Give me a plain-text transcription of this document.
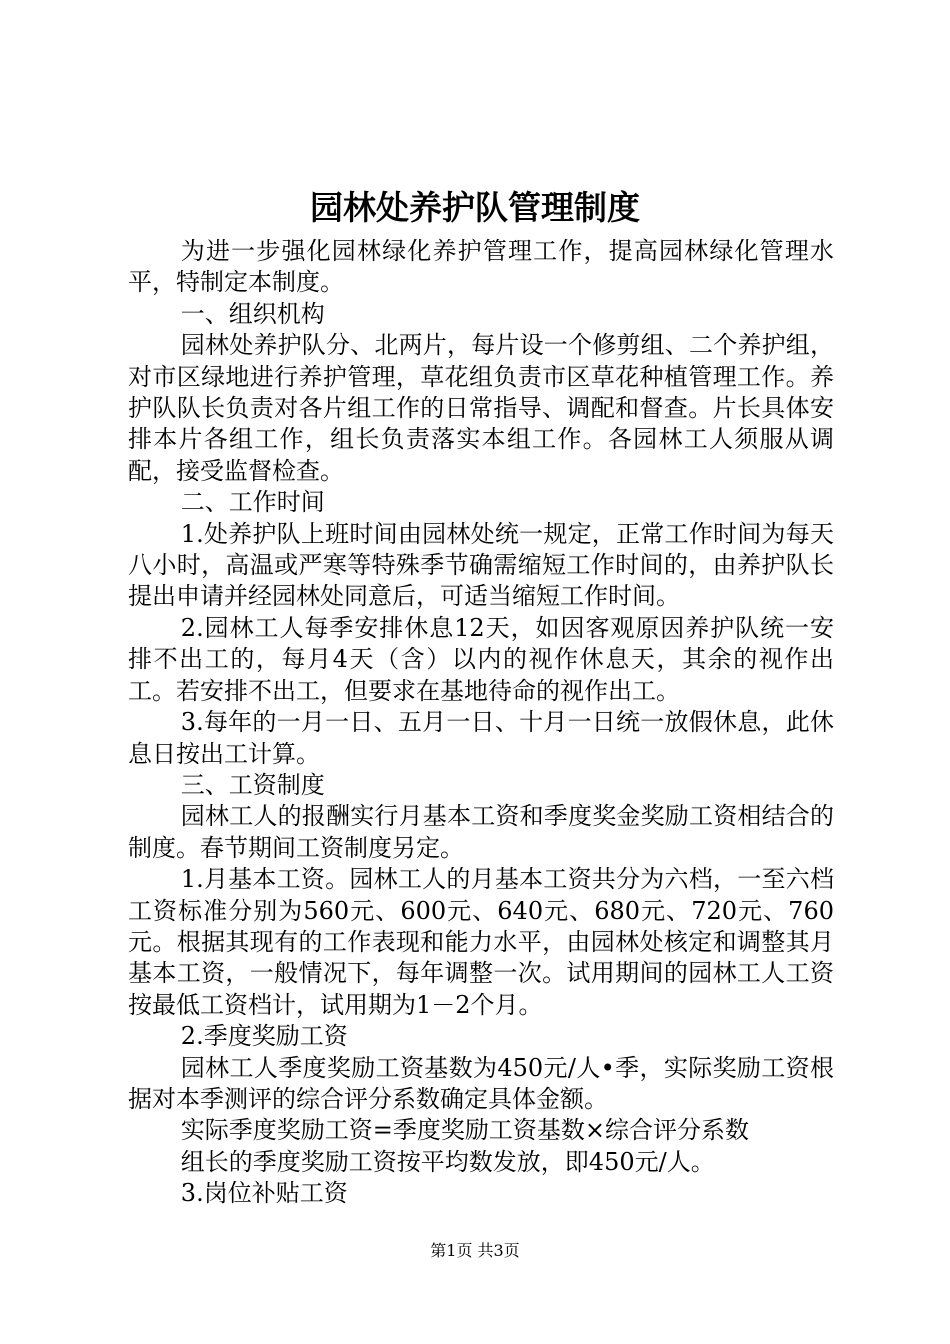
园林处养护队管理制度

为进一步强化园林绿化养护管理工作，提高园林绿化管理水平，特制定本制度。

一、组织机构

园林处养护队分、北两片，每片设一个修剪组、二个养护组，对市区绿地进行养护管理，草花组负责市区草花种植管理工作。养护队队长负责对各片组工作的日常指导、调配和督查。片长具体安排本片各组工作，组长负责落实本组工作。各园林工人须服从调配，接受监督检查。

二、工作时间

1.处养护队上班时间由园林处统一规定，正常工作时间为每天八小时，高温或严寒等特殊季节确需缩短工作时间的，由养护队长提出申请并经园林处同意后，可适当缩短工作时间。

2.园林工人每季安排休息12天，如因客观原因养护队统一安排不出工的，每月4天（含）以内的视作休息天，其余的视作出工。若安排不出工，但要求在基地待命的视作出工。

3.每年的一月一日、五月一日、十月一日统一放假休息，此休息日按出工计算。

三、工资制度

园林工人的报酬实行月基本工资和季度奖金奖励工资相结合的制度。春节期间工资制度另定。

1.月基本工资。园林工人的月基本工资共分为六档，一至六档工资标准分别为560元、600元、640元、680元、720元、760元。根据其现有的工作表现和能力水平，由园林处核定和调整其月基本工资，一般情况下，每年调整一次。试用期间的园林工人工资按最低工资档计，试用期为1－2个月。

2.季度奖励工资

园林工人季度奖励工资基数为450元/人•季，实际奖励工资根据对本季测评的综合评分系数确定具体金额。

实际季度奖励工资=季度奖励工资基数×综合评分系数

组长的季度奖励工资按平均数发放，即450元/人。

3.岗位补贴工资

第1页 共3页
